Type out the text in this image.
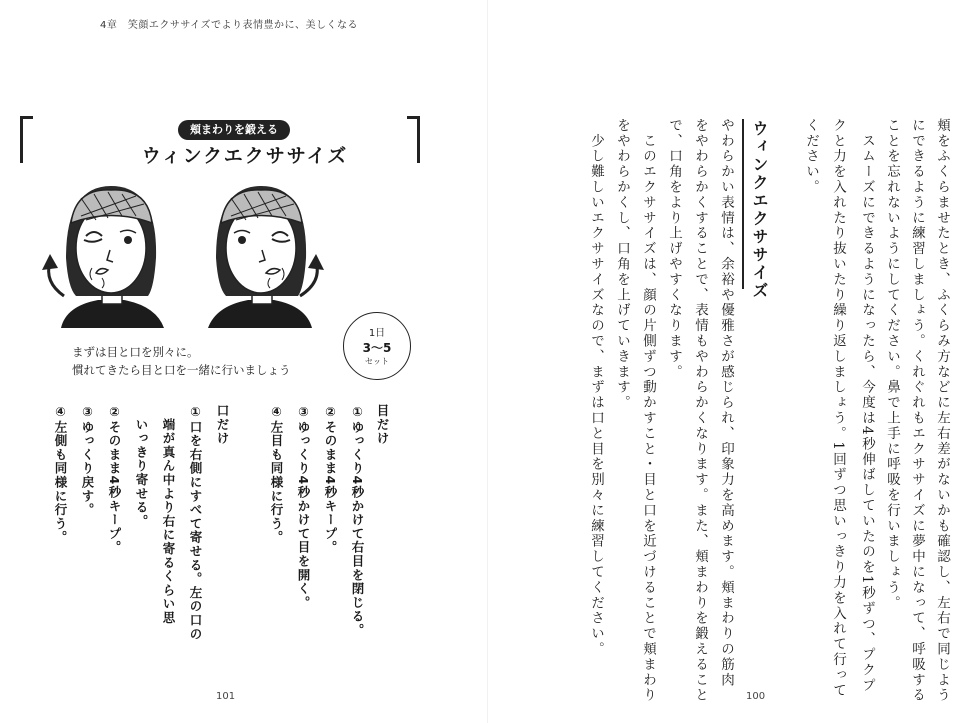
4章　笑顔エクササイズでより表情豊かに、美しくなる
頬まわりを鍛える
ウィンクエクササイズ
1日
3〜5
セット
まずは目と口を別々に。
慣れてきたら目と口を一緒に行いましょう
目だけ
①ゆっくり4秒かけて右目を閉じる。
②そのまま4秒キープ。
③ゆっくり4秒かけて目を開く。
④左目も同様に行う。
口だけ
①口を右側にすべて寄せる。左の口の
　端が真ん中より右に寄るくらい思
　いっきり寄せる。
②そのまま4秒キープ。
③ゆっくり戻す。
④左側も同様に行う。
101	頬をふくらませたとき、ふくらみ方などに左右差がないかも確認し、左右で同じよう
にできるように練習しましょう。くれぐれもエクササイズに夢中になって、呼吸する
ことを忘れないようにしてください。鼻で上手に呼吸を行いましょう。
　スムーズにできるようになったら、今度は4秒伸ばしていたのを1秒ずつ、プクプ
クと力を入れたり抜いたり繰り返しましょう。1回ずつ思いっきり力を入れて行って
ください。
ウィンクエクササイズ
やわらかい表情は、余裕や優雅さが感じられ、印象力を高めます。頬まわりの筋肉
をやわらかくすることで、表情もやわらかくなります。また、頬まわりを鍛えること
で、口角をより上げやすくなります。
　このエクササイズは、顔の片側ずつ動かすこと・目と口を近づけることで頬まわり
をやわらかくし、口角を上げていきます。
　少し難しいエクササイズなので、まずは口と目を別々に練習してください。
100
